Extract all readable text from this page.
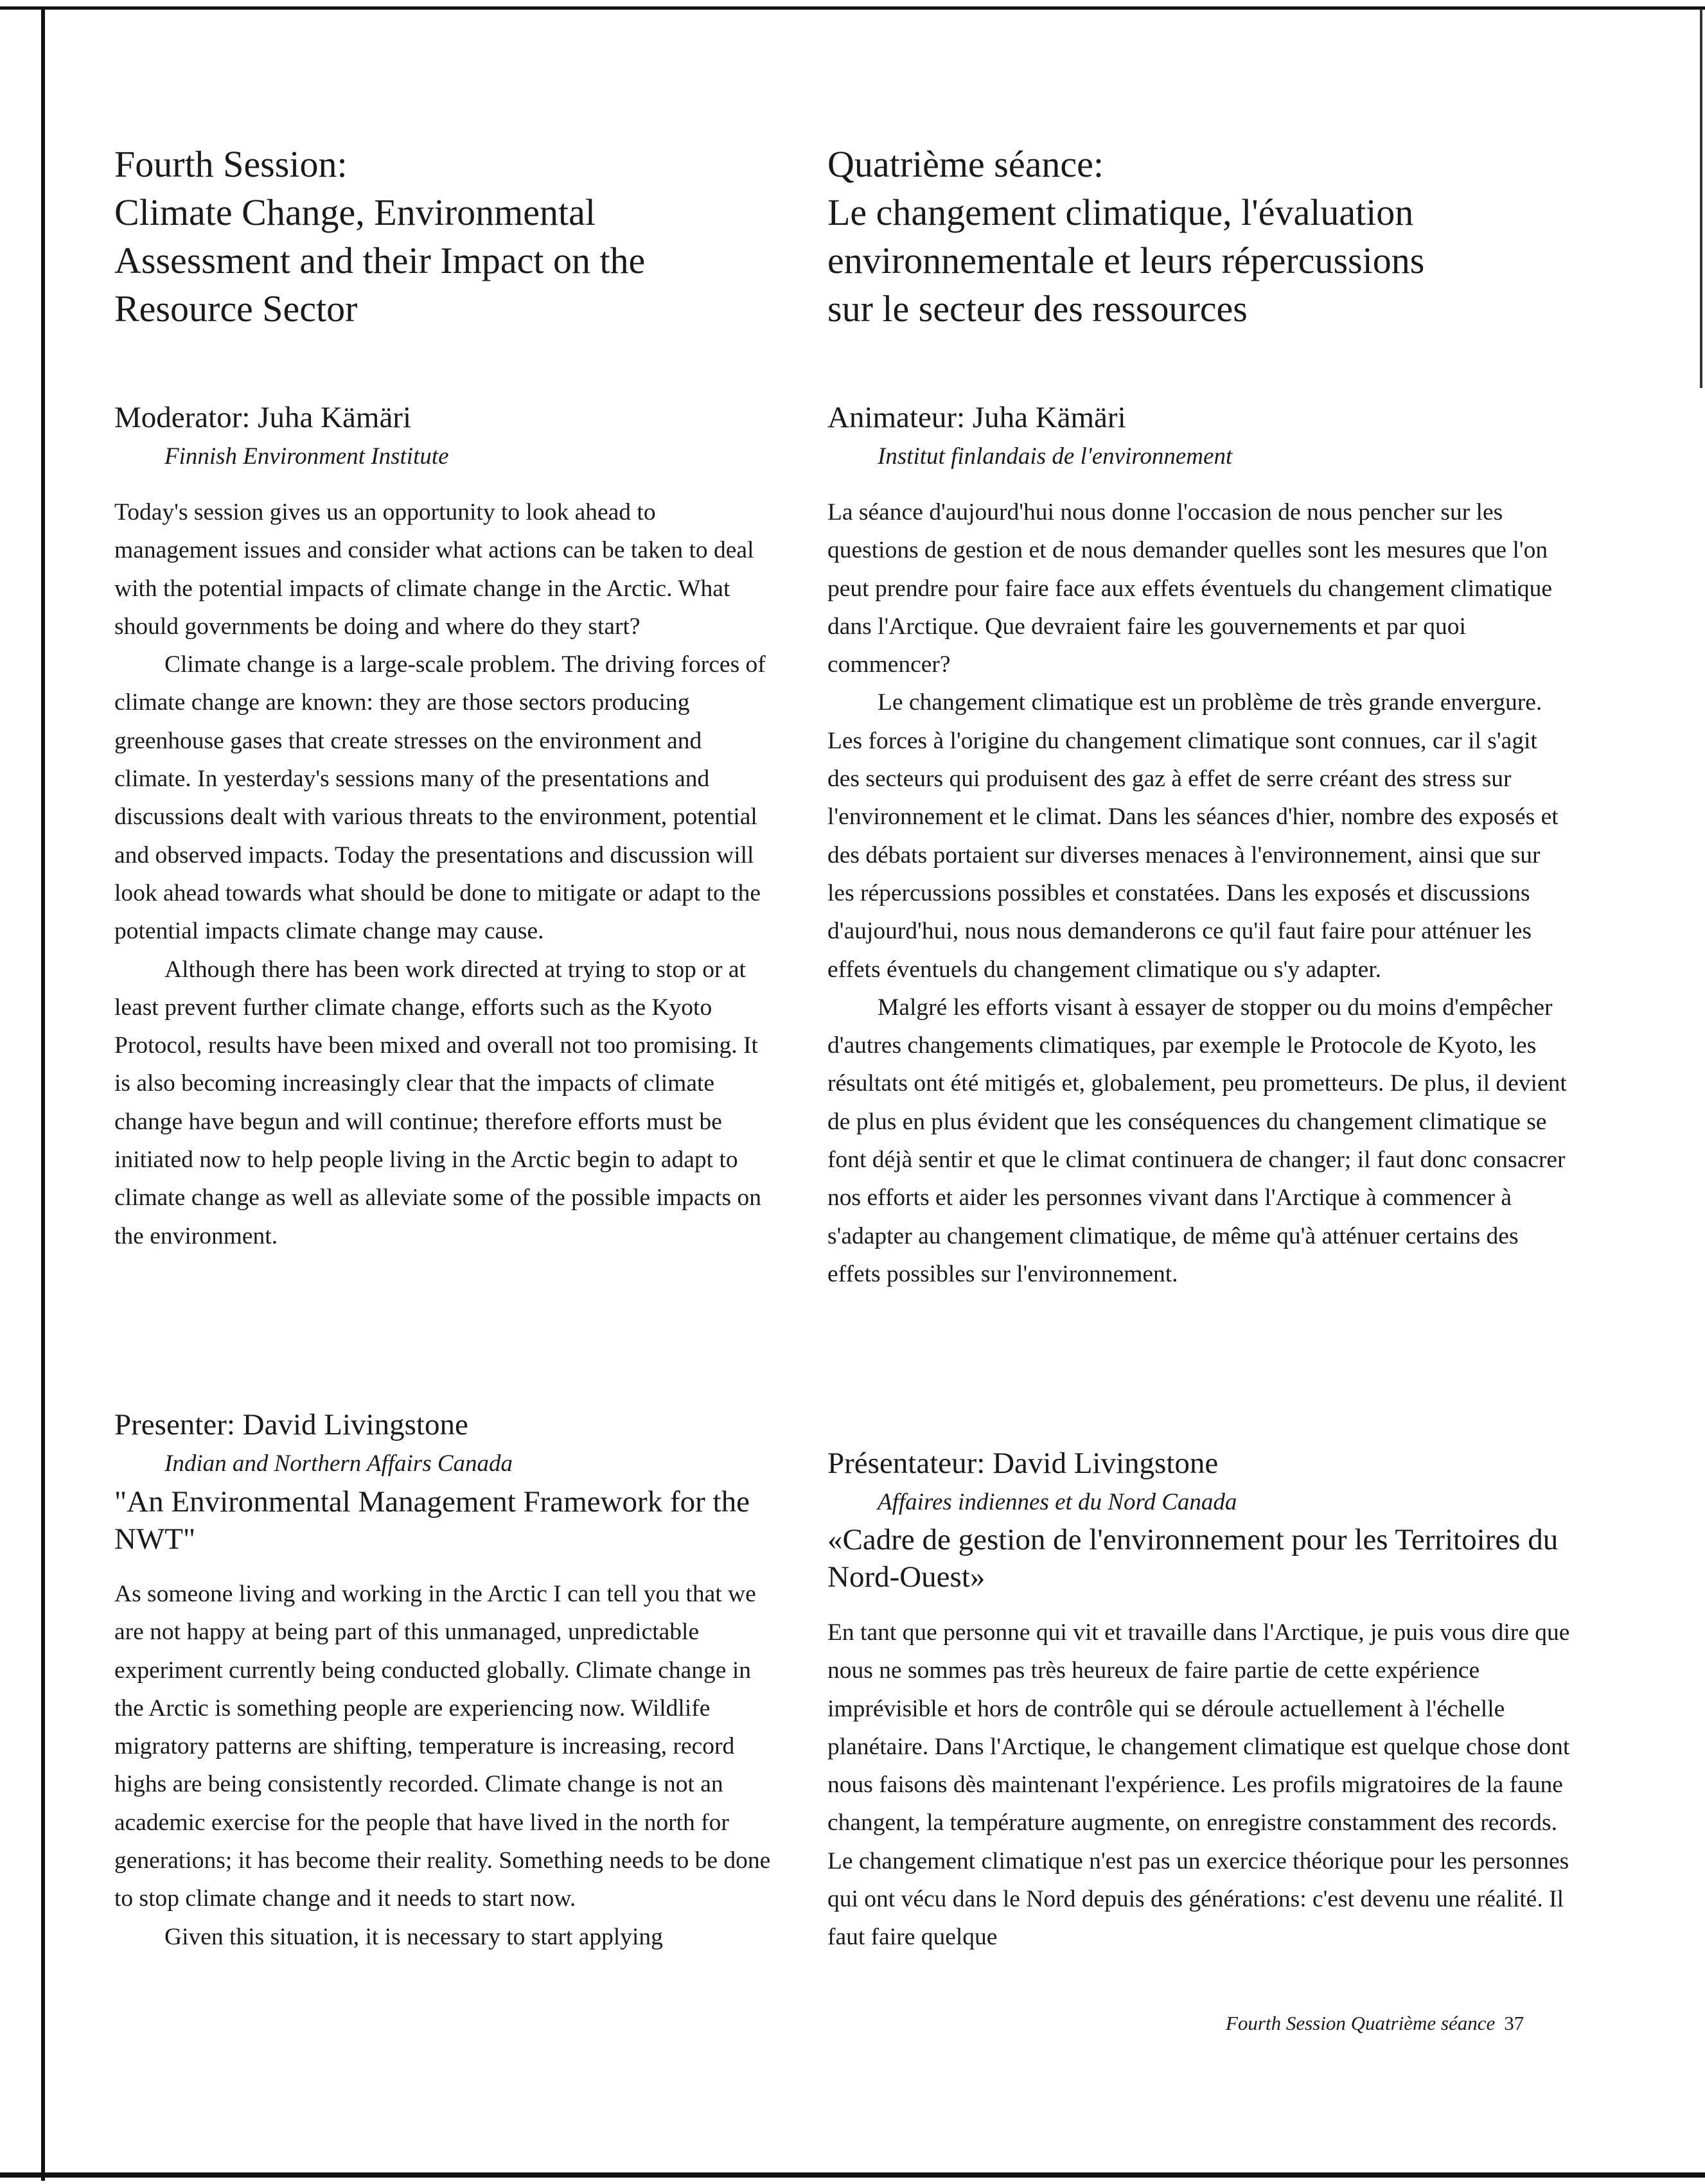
Fourth Session:
Climate Change, Environmental
Assessment and their Impact on the
Resource Sector
Moderator: Juha Kämäri
Finnish Environment Institute

Today's session gives us an opportunity to look ahead to management issues and consider what actions can be taken to deal with the potential impacts of climate change in the Arctic. What should governments be doing and where do they start?

Climate change is a large-scale problem. The driving forces of climate change are known: they are those sectors producing greenhouse gases that create stresses on the environment and climate. In yesterday's sessions many of the presentations and discussions dealt with various threats to the environment, potential and observed impacts. Today the presentations and discussion will look ahead towards what should be done to mitigate or adapt to the potential impacts climate change may cause.

Although there has been work directed at trying to stop or at least prevent further climate change, efforts such as the Kyoto Protocol, results have been mixed and overall not too promising. It is also becoming increasingly clear that the impacts of climate change have begun and will continue; therefore efforts must be initiated now to help people living in the Arctic begin to adapt to climate change as well as alleviate some of the possible impacts on the environment.

Presenter: David Livingstone
Indian and Northern Affairs Canada
"An Environmental Management Framework for the NWT"

As someone living and working in the Arctic I can tell you that we are not happy at being part of this unmanaged, unpredictable experiment currently being conducted globally. Climate change in the Arctic is something people are experiencing now. Wildlife migratory patterns are shifting, temperature is increasing, record highs are being consistently recorded. Climate change is not an academic exercise for the people that have lived in the north for generations; it has become their reality. Something needs to be done to stop climate change and it needs to start now.

Given this situation, it is necessary to start applying

Quatrième séance:
Le changement climatique, l'évaluation
environnementale et leurs répercussions
sur le secteur des ressources
Animateur: Juha Kämäri
Institut finlandais de l'environnement

La séance d'aujourd'hui nous donne l'occasion de nous pencher sur les questions de gestion et de nous demander quelles sont les mesures que l'on peut prendre pour faire face aux effets éventuels du changement climatique dans l'Arctique. Que devraient faire les gouvernements et par quoi commencer?

Le changement climatique est un problème de très grande envergure. Les forces à l'origine du changement climatique sont connues, car il s'agit des secteurs qui produisent des gaz à effet de serre créant des stress sur l'environnement et le climat. Dans les séances d'hier, nombre des exposés et des débats portaient sur diverses menaces à l'environnement, ainsi que sur les répercussions possibles et constatées. Dans les exposés et discussions d'aujourd'hui, nous nous demanderons ce qu'il faut faire pour atténuer les effets éventuels du changement climatique ou s'y adapter.

Malgré les efforts visant à essayer de stopper ou du moins d'empêcher d'autres changements climatiques, par exemple le Protocole de Kyoto, les résultats ont été mitigés et, globalement, peu prometteurs. De plus, il devient de plus en plus évident que les conséquences du changement climatique se font déjà sentir et que le climat continuera de changer; il faut donc consacrer nos efforts et aider les personnes vivant dans l'Arctique à commencer à s'adapter au changement climatique, de même qu'à atténuer certains des effets possibles sur l'environnement.

Présentateur: David Livingstone
Affaires indiennes et du Nord Canada
«Cadre de gestion de l'environnement pour les Territoires du Nord-Ouest»

En tant que personne qui vit et travaille dans l'Arctique, je puis vous dire que nous ne sommes pas très heureux de faire partie de cette expérience imprévisible et hors de contrôle qui se déroule actuellement à l'échelle planétaire. Dans l'Arctique, le changement climatique est quelque chose dont nous faisons dès maintenant l'expérience. Les profils migratoires de la faune changent, la température augmente, on enregistre constamment des records. Le changement climatique n'est pas un exercice théorique pour les personnes qui ont vécu dans le Nord depuis des générations: c'est devenu une réalité. Il faut faire quelque

Fourth Session Quatrième séance 37
